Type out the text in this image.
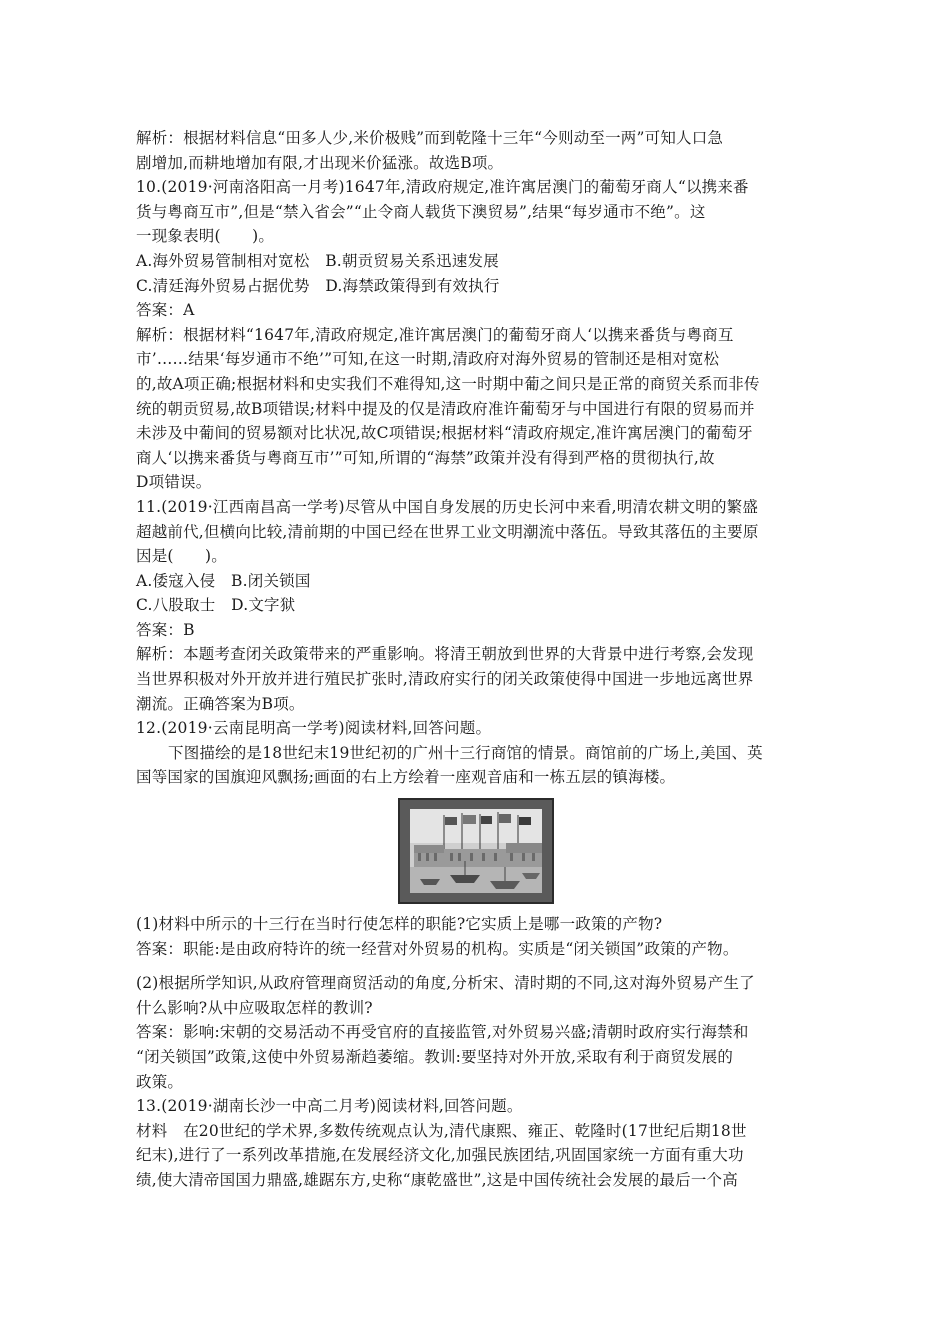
解析：根据材料信息“田多人少,米价极贱”而到乾隆十三年“今则动至一两”可知人口急
剧增加,而耕地增加有限,才出现米价猛涨。故选B项。
10.(2019·河南洛阳高一月考)1647年,清政府规定,准许寓居澳门的葡萄牙商人“以携来番
货与粤商互市”,但是“禁入省会”“止令商人载货下澳贸易”,结果“每岁通市不绝”。这
一现象表明(　　)。
A.海外贸易管制相对宽松　B.朝贡贸易关系迅速发展
C.清廷海外贸易占据优势　D.海禁政策得到有效执行
答案：A
解析：根据材料“1647年,清政府规定,准许寓居澳门的葡萄牙商人‘以携来番货与粤商互
市’……结果‘每岁通市不绝’”可知,在这一时期,清政府对海外贸易的管制还是相对宽松
的,故A项正确;根据材料和史实我们不难得知,这一时期中葡之间只是正常的商贸关系而非传
统的朝贡贸易,故B项错误;材料中提及的仅是清政府准许葡萄牙与中国进行有限的贸易而并
未涉及中葡间的贸易额对比状况,故C项错误;根据材料“清政府规定,准许寓居澳门的葡萄牙
商人‘以携来番货与粤商互市’”可知,所谓的“海禁”政策并没有得到严格的贯彻执行,故
D项错误。
11.(2019·江西南昌高一学考)尽管从中国自身发展的历史长河中来看,明清农耕文明的繁盛
超越前代,但横向比较,清前期的中国已经在世界工业文明潮流中落伍。导致其落伍的主要原
因是(　　)。
A.倭寇入侵　B.闭关锁国
C.八股取士　D.文字狱
答案：B
解析：本题考查闭关政策带来的严重影响。将清王朝放到世界的大背景中进行考察,会发现
当世界积极对外开放并进行殖民扩张时,清政府实行的闭关政策使得中国进一步地远离世界
潮流。正确答案为B项。
12.(2019·云南昆明高一学考)阅读材料,回答问题。
下图描绘的是18世纪末19世纪初的广州十三行商馆的情景。商馆前的广场上,美国、英
国等国家的国旗迎风飘扬;画面的右上方绘着一座观音庙和一栋五层的镇海楼。
(1)材料中所示的十三行在当时行使怎样的职能?它实质上是哪一政策的产物?
答案：职能:是由政府特许的统一经营对外贸易的机构。实质是“闭关锁国”政策的产物。
(2)根据所学知识,从政府管理商贸活动的角度,分析宋、清时期的不同,这对海外贸易产生了
什么影响?从中应吸取怎样的教训?
答案：影响:宋朝的交易活动不再受官府的直接监管,对外贸易兴盛;清朝时政府实行海禁和
“闭关锁国”政策,这使中外贸易渐趋萎缩。教训:要坚持对外开放,采取有利于商贸发展的
政策。
13.(2019·湖南长沙一中高二月考)阅读材料,回答问题。
材料　在20世纪的学术界,多数传统观点认为,清代康熙、雍正、乾隆时(17世纪后期18世
纪末),进行了一系列改革措施,在发展经济文化,加强民族团结,巩固国家统一方面有重大功
绩,使大清帝国国力鼎盛,雄踞东方,史称“康乾盛世”,这是中国传统社会发展的最后一个高
